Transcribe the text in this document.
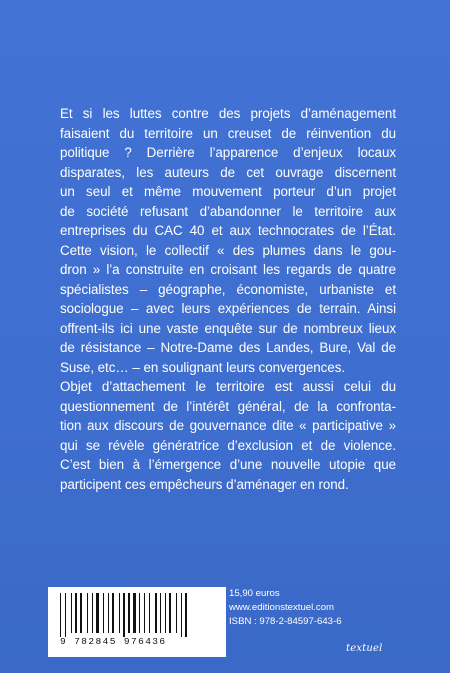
Et si les luttes contre des projets d’aménagement
faisaient du territoire un creuset de réinvention du
politique ? Derrière l’apparence d’enjeux locaux
disparates, les auteurs de cet ouvrage discernent
un seul et même mouvement porteur d’un projet
de société refusant d’abandonner le territoire aux
entreprises du CAC 40 et aux technocrates de l’État.
Cette vision, le collectif « des plumes dans le gou-
dron » l’a construite en croisant les regards de quatre
spécialistes – géographe, économiste, urbaniste et
sociologue – avec leurs expériences de terrain. Ainsi
offrent-ils ici une vaste enquête sur de nombreux lieux
de résistance – Notre-Dame des Landes, Bure, Val de
Suse, etc… – en soulignant leurs convergences.
Objet d’attachement le territoire est aussi celui du
questionnement de l’intérêt général, de la confronta-
tion aux discours de gouvernance dite « participative »
qui se révèle génératrice d’exclusion et de violence.
C’est bien à l’émergence d’une nouvelle utopie que
participent ces empêcheurs d’aménager en rond.
9 782845 976436
15,90 euros
www.editionstextuel.com
ISBN : 978-2-84597-643-6
textuel
